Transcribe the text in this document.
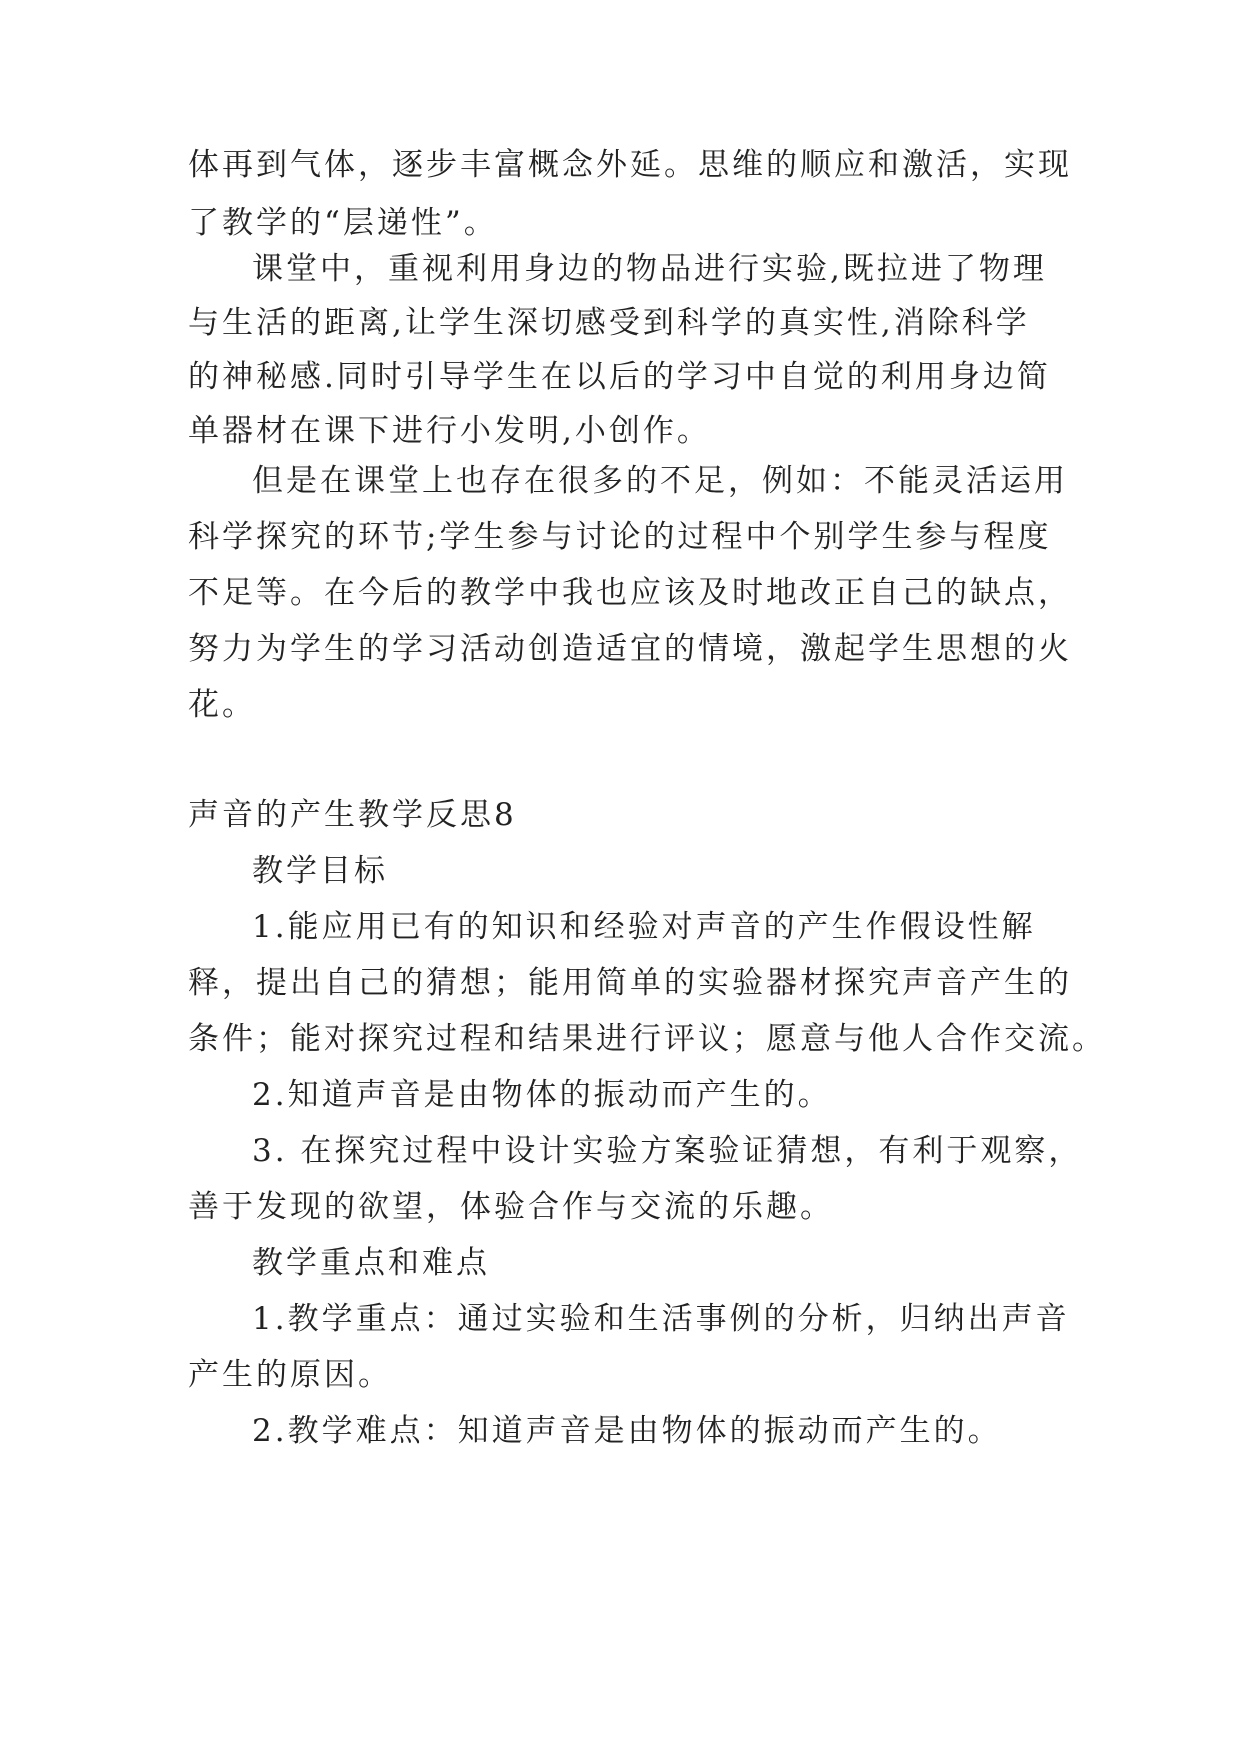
体再到气体，逐步丰富概念外延。思维的顺应和激活，实现
了教学的“层递性”。
课堂中，重视利用身边的物品进行实验,既拉进了物理
与生活的距离,让学生深切感受到科学的真实性,消除科学
的神秘感.同时引导学生在以后的学习中自觉的利用身边简
单器材在课下进行小发明,小创作。
但是在课堂上也存在很多的不足，例如：不能灵活运用
科学探究的环节;学生参与讨论的过程中个别学生参与程度
不足等。在今后的教学中我也应该及时地改正自己的缺点，
努力为学生的学习活动创造适宜的情境，激起学生思想的火
花。
声音的产生教学反思8
教学目标
1.能应用已有的知识和经验对声音的产生作假设性解
释，提出自己的猜想；能用简单的实验器材探究声音产生的
条件；能对探究过程和结果进行评议；愿意与他人合作交流。
2.知道声音是由物体的振动而产生的。
3. 在探究过程中设计实验方案验证猜想，有利于观察，
善于发现的欲望，体验合作与交流的乐趣。
教学重点和难点
1.教学重点：通过实验和生活事例的分析，归纳出声音
产生的原因。
2.教学难点：知道声音是由物体的振动而产生的。
